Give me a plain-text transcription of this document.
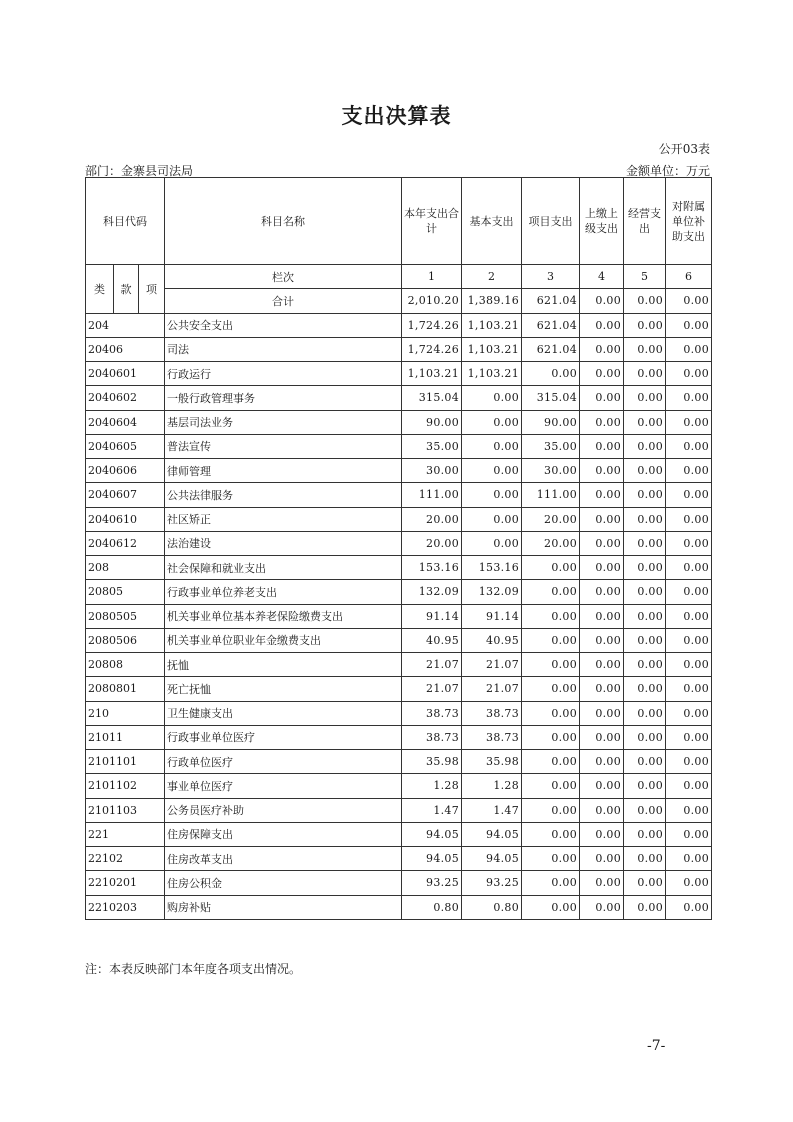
支出决算表
公开03表
部门：金寨县司法局	金额单位：万元
科目代码			科目名称	本年支出合计	基本支出	项目支出	上缴上级支出	经营支出	对附属单位补助支出
类	款	项	栏次	1	2	3	4	5	6
			合计	2,010.20	1,389.16	621.04	0.00	0.00	0.00
204			公共安全支出	1,724.26	1,103.21	621.04	0.00	0.00	0.00
20406			司法	1,724.26	1,103.21	621.04	0.00	0.00	0.00
2040601			行政运行	1,103.21	1,103.21	0.00	0.00	0.00	0.00
2040602			一般行政管理事务	315.04	0.00	315.04	0.00	0.00	0.00
2040604			基层司法业务	90.00	0.00	90.00	0.00	0.00	0.00
2040605			普法宣传	35.00	0.00	35.00	0.00	0.00	0.00
2040606			律师管理	30.00	0.00	30.00	0.00	0.00	0.00
2040607			公共法律服务	111.00	0.00	111.00	0.00	0.00	0.00
2040610			社区矫正	20.00	0.00	20.00	0.00	0.00	0.00
2040612			法治建设	20.00	0.00	20.00	0.00	0.00	0.00
208			社会保障和就业支出	153.16	153.16	0.00	0.00	0.00	0.00
20805			行政事业单位养老支出	132.09	132.09	0.00	0.00	0.00	0.00
2080505			机关事业单位基本养老保险缴费支出	91.14	91.14	0.00	0.00	0.00	0.00
2080506			机关事业单位职业年金缴费支出	40.95	40.95	0.00	0.00	0.00	0.00
20808			抚恤	21.07	21.07	0.00	0.00	0.00	0.00
2080801			死亡抚恤	21.07	21.07	0.00	0.00	0.00	0.00
210			卫生健康支出	38.73	38.73	0.00	0.00	0.00	0.00
21011			行政事业单位医疗	38.73	38.73	0.00	0.00	0.00	0.00
2101101			行政单位医疗	35.98	35.98	0.00	0.00	0.00	0.00
2101102			事业单位医疗	1.28	1.28	0.00	0.00	0.00	0.00
2101103			公务员医疗补助	1.47	1.47	0.00	0.00	0.00	0.00
221			住房保障支出	94.05	94.05	0.00	0.00	0.00	0.00
22102			住房改革支出	94.05	94.05	0.00	0.00	0.00	0.00
2210201			住房公积金	93.25	93.25	0.00	0.00	0.00	0.00
2210203			购房补贴	0.80	0.80	0.00	0.00	0.00	0.00
注：本表反映部门本年度各项支出情况。
-7-
